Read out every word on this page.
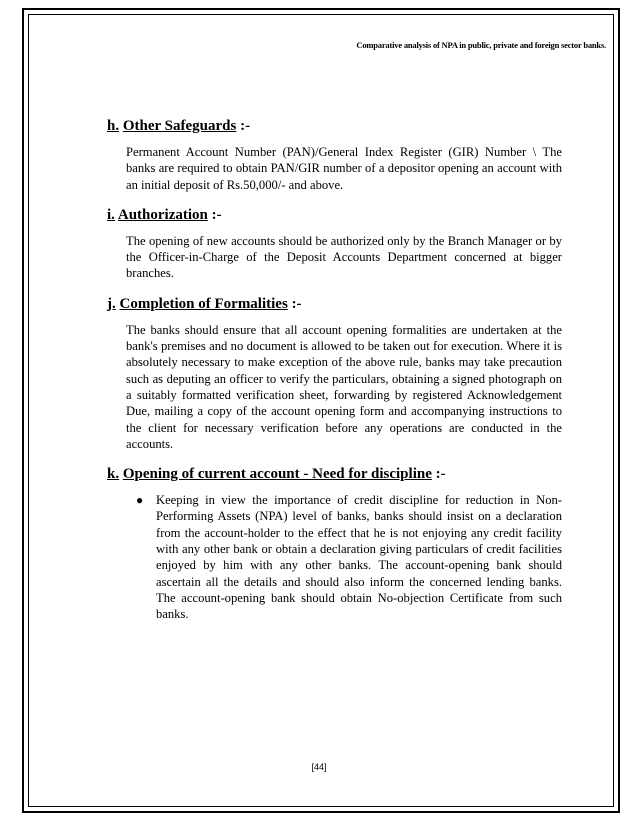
Comparative analysis of NPA in public, private and foreign sector banks.
h. Other Safeguards :-
Permanent Account Number (PAN)/General Index Register (GIR) Number \ The banks are required to obtain PAN/GIR number of a depositor opening an account with an initial deposit of Rs.50,000/- and above.
i. Authorization :-
The opening of new accounts should be authorized only by the Branch Manager or by the Officer-in-Charge of the Deposit Accounts Department concerned at bigger branches.
j. Completion of Formalities :-
The banks should ensure that all account opening formalities are undertaken at the bank's premises and no document is allowed to be taken out for execution. Where it is absolutely necessary to make exception of the above rule, banks may take precaution such as deputing an officer to verify the particulars, obtaining a signed photograph on a suitably formatted verification sheet, forwarding by registered Acknowledgement Due, mailing a copy of the account opening form and accompanying instructions to the client for necessary verification before any operations are conducted in the accounts.
k. Opening of current account - Need for discipline :-
● Keeping in view the importance of credit discipline for reduction in Non-Performing Assets (NPA) level of banks, banks should insist on a declaration from the account-holder to the effect that he is not enjoying any credit facility with any other bank or obtain a declaration giving particulars of credit facilities enjoyed by him with any other banks. The account-opening bank should ascertain all the details and should also inform the concerned lending banks. The account-opening bank should obtain No-objection Certificate from such banks.
[44]
